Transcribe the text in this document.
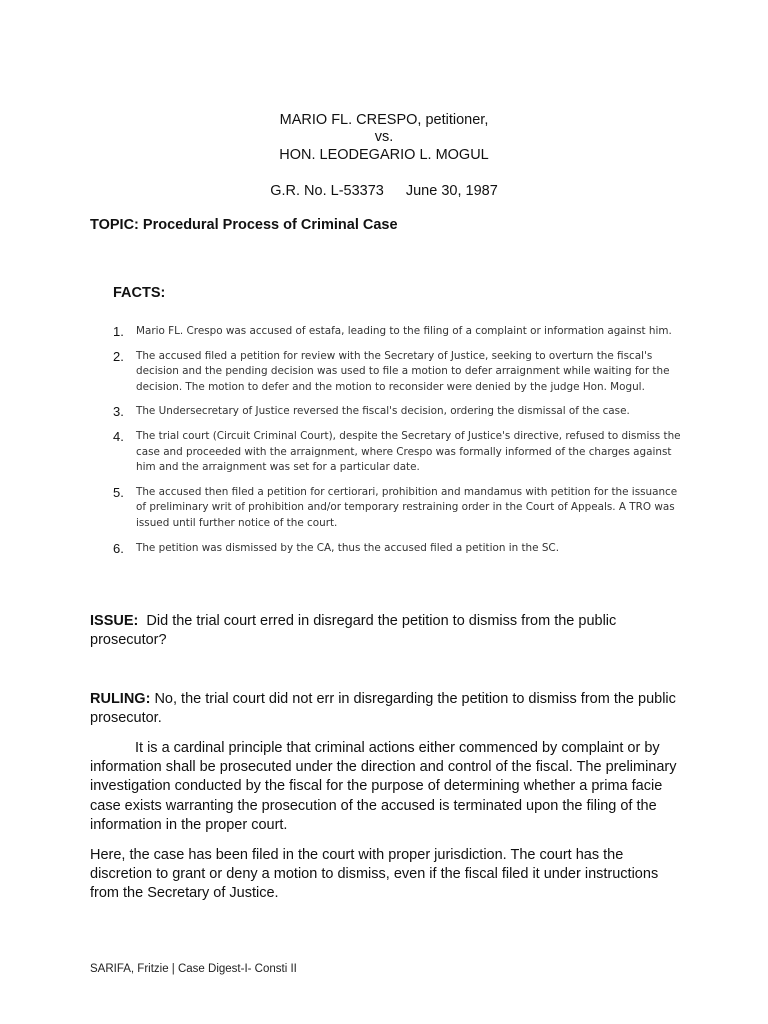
MARIO FL. CRESPO, petitioner,
vs.
HON. LEODEGARIO L. MOGUL
G.R. No. L-53373 June 30, 1987
TOPIC: Procedural Process of Criminal Case
FACTS:
1. Mario FL. Crespo was accused of estafa, leading to the filing of a complaint or information against him.
2. The accused filed a petition for review with the Secretary of Justice, seeking to overturn the fiscal's decision and the pending decision was used to file a motion to defer arraignment while waiting for the decision. The motion to defer and the motion to reconsider were denied by the judge Hon. Mogul.
3. The Undersecretary of Justice reversed the fiscal's decision, ordering the dismissal of the case.
4. The trial court (Circuit Criminal Court), despite the Secretary of Justice's directive, refused to dismiss the case and proceeded with the arraignment, where Crespo was formally informed of the charges against him and the arraignment was set for a particular date.
5. The accused then filed a petition for certiorari, prohibition and mandamus with petition for the issuance of preliminary writ of prohibition and/or temporary restraining order in the Court of Appeals. A TRO was issued until further notice of the court.
6. The petition was dismissed by the CA, thus the accused filed a petition in the SC.

ISSUE: Did the trial court erred in disregard the petition to dismiss from the public prosecutor?

RULING: No, the trial court did not err in disregarding the petition to dismiss from the public prosecutor.

It is a cardinal principle that criminal actions either commenced by complaint or by information shall be prosecuted under the direction and control of the fiscal. The preliminary investigation conducted by the fiscal for the purpose of determining whether a prima facie case exists warranting the prosecution of the accused is terminated upon the filing of the information in the proper court.

Here, the case has been filed in the court with proper jurisdiction. The court has the discretion to grant or deny a motion to dismiss, even if the fiscal filed it under instructions from the Secretary of Justice.

SARIFA, Fritzie | Case Digest-I- Consti II
